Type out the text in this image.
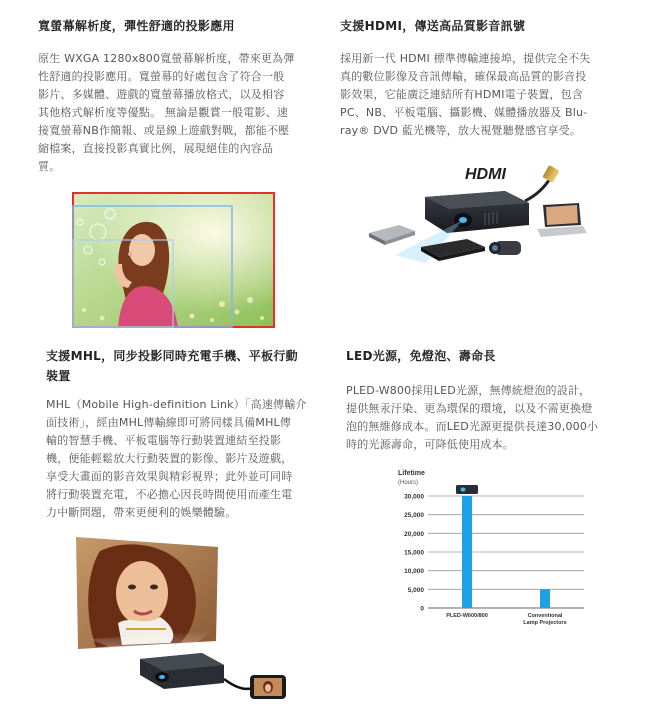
寬螢幕解析度，彈性舒適的投影應用
原生 WXGA 1280x800寬螢幕解析度，帶來更為彈
性舒適的投影應用。寬螢幕的好處包含了符合一般
影片、多媒體、遊戲的寬螢幕播放格式，以及相容
其他格式解析度等優點。 無論是觀賞一般電影、速
接寬螢幕NB作簡報、或是線上遊戲對戰，都能不壓
縮檔案，直接投影真實比例，展現絕佳的內容品
質。
支援HDMI，傳送高品質影音訊號
採用新一代 HDMI 標準傳輸連接埠，提供完全不失
真的數位影像及音訊傳輸，確保最高品質的影音投
影效果，它能廣泛連結所有HDMI電子裝置，包含
PC、NB、平板電腦、攝影機、媒體播放器及 Blu-
ray® DVD 藍光機等，放大視覺聽覺感官享受。
支援MHL，同步投影同時充電手機、平板行動
裝置
MHL（Mobile High-definition Link）「高速傳輸介
面技術」，經由MHL傳輸線即可將同樣具備MHL傳
輸的智慧手機、平板電腦等行動裝置連結至投影
機，便能輕鬆放大行動裝置的影像、影片及遊戲，
享受大畫面的影音效果與精彩視界；此外並可同時
將行動裝置充電，不必擔心因長時間使用而產生電
力中斷問題，帶來更便利的娛樂體驗。
LED光源，免燈泡、壽命長
PLED-W800採用LED光源，無傳統燈泡的設計，
提供無汞汙染、更為環保的環境，以及不需更換燈
泡的無維修成本。而LED光源更提供長達30,000小
時的光源壽命，可降低使用成本。
HDMI
Lifetime
(Hours)
0
5,000
10,000
15,000
20,000
25,000
30,000
PLED-W600/800	Conventional
Lamp Projectors
